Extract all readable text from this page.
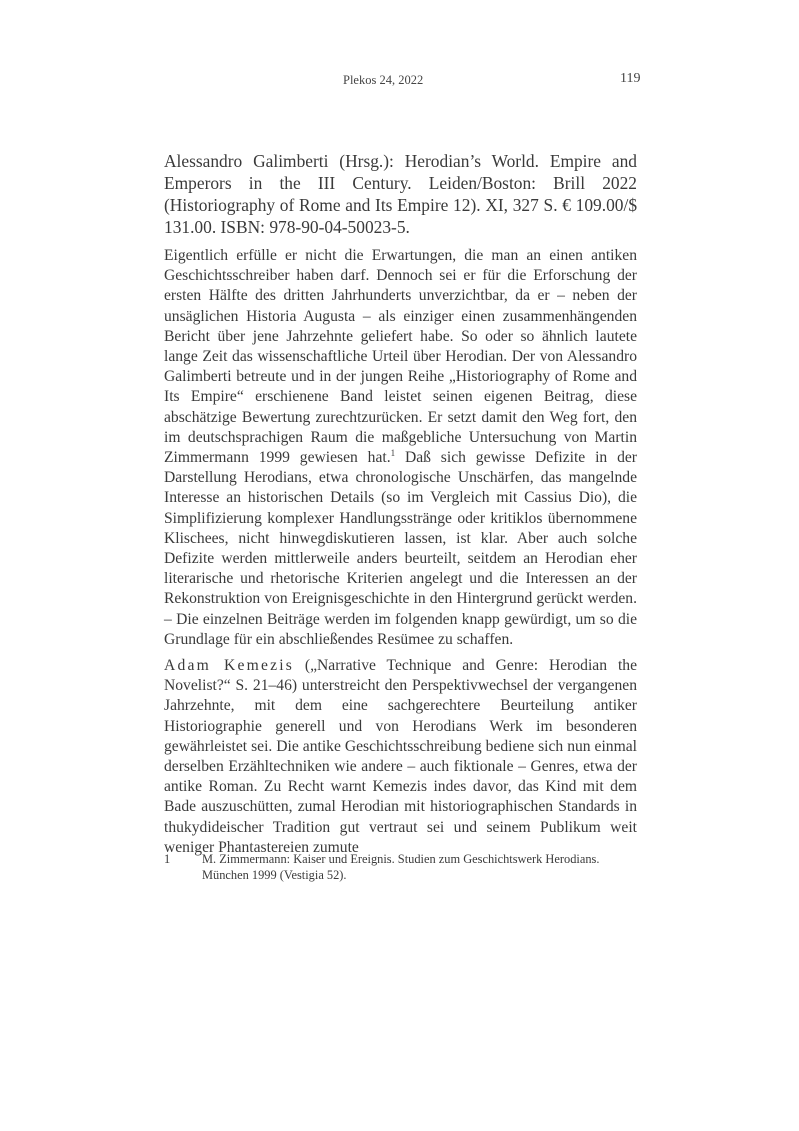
Plekos 24, 2022	119

Alessandro Galimberti (Hrsg.): Herodian’s World. Empire and Emperors in the III Century. Leiden/Boston: Brill 2022 (Historiography of Rome and Its Empire 12). XI, 327 S. € 109.00/$ 131.00. ISBN: 978-90-04-50023-5.

Eigentlich erfülle er nicht die Erwartungen, die man an einen antiken Geschichtsschreiber haben darf. Dennoch sei er für die Erforschung der ersten Hälfte des dritten Jahrhunderts unverzichtbar, da er – neben der unsäglichen Historia Augusta – als einziger einen zusammenhängenden Bericht über jene Jahrzehnte geliefert habe. So oder so ähnlich lautete lange Zeit das wissenschaftliche Urteil über Herodian. Der von Alessandro Galimberti betreute und in der jungen Reihe „Historiography of Rome and Its Empire“ erschienene Band leistet seinen eigenen Beitrag, diese abschätzige Bewertung zurechtzurücken. Er setzt damit den Weg fort, den im deutschsprachigen Raum die maßgebliche Untersuchung von Martin Zimmermann 1999 gewiesen hat.$^1$ Daß sich gewisse Defizite in der Darstellung Herodians, etwa chronologische Unschärfen, das mangelnde Interesse an historischen Details (so im Vergleich mit Cassius Dio), die Simplifizierung komplexer Handlungsstränge oder kritiklos übernommene Klischees, nicht hinwegdiskutieren lassen, ist klar. Aber auch solche Defizite werden mittlerweile anders beurteilt, seitdem an Herodian eher literarische und rhetorische Kriterien angelegt und die Interessen an der Rekonstruktion von Ereignisgeschichte in den Hintergrund gerückt werden. – Die einzelnen Beiträge werden im folgenden knapp gewürdigt, um so die Grundlage für ein abschließendes Resümee zu schaffen.

Adam Kemezis („Narrative Technique and Genre: Herodian the Novelist?“ S. 21–46) unterstreicht den Perspektivwechsel der vergangenen Jahrzehnte, mit dem eine sachgerechtere Beurteilung antiker Historiographie generell und von Herodians Werk im besonderen gewährleistet sei. Die antike Geschichtsschreibung bediene sich nun einmal derselben Erzähltechniken wie andere – auch fiktionale – Genres, etwa der antike Roman. Zu Recht warnt Kemezis indes davor, das Kind mit dem Bade auszuschütten, zumal Herodian mit historiographischen Standards in thukydideischer Tradition gut vertraut sei und seinem Publikum weit weniger Phantastereien zumute

1	M. Zimmermann: Kaiser und Ereignis. Studien zum Geschichtswerk Herodians. München 1999 (Vestigia 52).
